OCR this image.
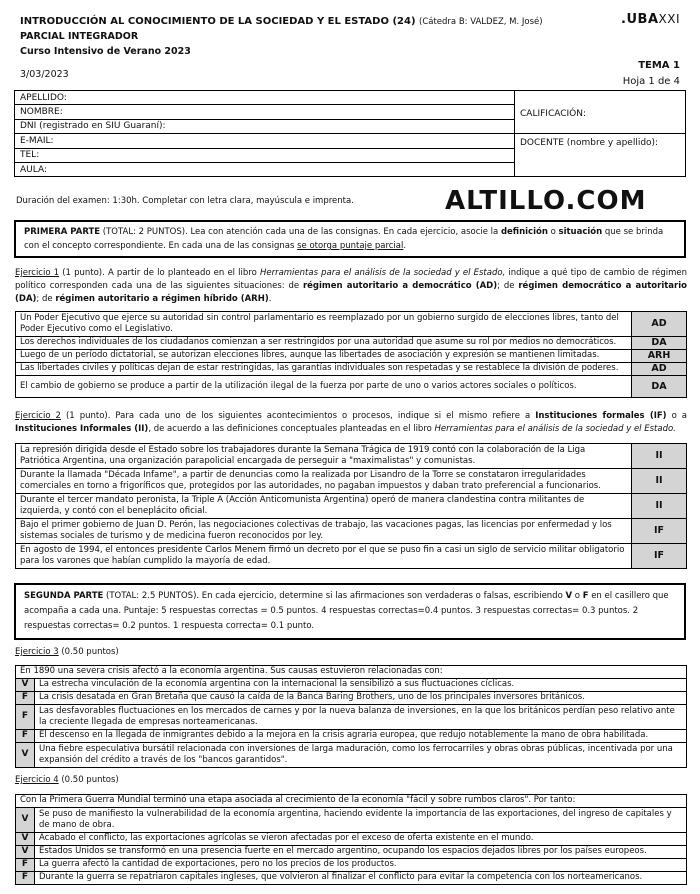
INTRODUCCIÓN AL CONOCIMIENTO DE LA SOCIEDAD Y EL ESTADO (24) (Cátedra B: VALDEZ, M. José)
PARCIAL INTEGRADOR
Curso Intensivo de Verano 2023
3/03/2023
.UBAXXI
TEMA 1
Hoja 1 de 4
APELLIDO:	CALIFICACIÓN:
NOMBRE:	
DNI (registrado en SIU Guaraní):	
E-MAIL:	DOCENTE (nombre y apellido):
TEL:	
AULA:	
Duración del examen: 1:30h. Completar con letra clara, mayúscula e imprenta.	ALTILLO.COM
PRIMERA PARTE (TOTAL: 2 PUNTOS). Lea con atención cada una de las consignas. En cada ejercicio, asocie la definición o situación que se brinda con el concepto correspondiente. En cada una de las consignas se otorga puntaje parcial.
Ejercicio 1 (1 punto). A partir de lo planteado en el libro Herramientas para el análisis de la sociedad y el Estado, indique a qué tipo de cambio de régimen político corresponden cada una de las siguientes situaciones: de régimen autoritario a democrático (AD); de régimen democrático a autoritario (DA); de régimen autoritario a régimen híbrido (ARH).
Un Poder Ejecutivo que ejerce su autoridad sin control parlamentario es reemplazado por un gobierno surgido de elecciones libres, tanto del Poder Ejecutivo como el Legislativo.	AD
Los derechos individuales de los ciudadanos comienzan a ser restringidos por una autoridad que asume su rol por medios no democráticos.	DA
Luego de un período dictatorial, se autorizan elecciones libres, aunque las libertades de asociación y expresión se mantienen limitadas.	ARH
Las libertades civiles y políticas dejan de estar restringidas, las garantías individuales son respetadas y se restablece la división de poderes.	AD
El cambio de gobierno se produce a partir de la utilización ilegal de la fuerza por parte de uno o varios actores sociales o políticos.	DA
Ejercicio 2 (1 punto). Para cada uno de los siguientes acontecimientos o procesos, indique si el mismo refiere a Instituciones formales (IF) o a Instituciones Informales (II), de acuerdo a las definiciones conceptuales planteadas en el libro Herramientas para el análisis de la sociedad y el Estado.
La represión dirigida desde el Estado sobre los trabajadores durante la Semana Trágica de 1919 contó con la colaboración de la Liga Patriótica Argentina, una organización parapolicial encargada de perseguir a "maximalistas" y comunistas.	II
Durante la llamada "Década Infame", a partir de denuncias como la realizada por Lisandro de la Torre se constataron irregularidades comerciales en torno a frigoríficos que, protegidos por las autoridades, no pagaban impuestos y daban trato preferencial a funcionarios.	II
Durante el tercer mandato peronista, la Triple A (Acción Anticomunista Argentina) operó de manera clandestina contra militantes de izquierda, y contó con el beneplácito oficial.	II
Bajo el primer gobierno de Juan D. Perón, las negociaciones colectivas de trabajo, las vacaciones pagas, las licencias por enfermedad y los sistemas sociales de turismo y de medicina fueron reconocidos por ley.	IF
En agosto de 1994, el entonces presidente Carlos Menem firmó un decreto por el que se puso fin a casi un siglo de servicio militar obligatorio para los varones que habían cumplido la mayoría de edad.	IF
SEGUNDA PARTE (TOTAL: 2.5 PUNTOS). En cada ejercicio, determine si las afirmaciones son verdaderas o falsas, escribiendo V o F en el casillero que acompaña a cada una. Puntaje: 5 respuestas correctas = 0.5 puntos. 4 respuestas correctas=0.4 puntos. 3 respuestas correctas= 0.3 puntos. 2 respuestas correctas= 0.2 puntos. 1 respuesta correcta= 0.1 punto.
Ejercicio 3 (0.50 puntos)
En 1890 una severa crisis afectó a la economía argentina. Sus causas estuvieron relacionadas con:	
V	La estrecha vinculación de la economía argentina con la internacional la sensibilizó a sus fluctuaciones cíclicas.
F	La crisis desatada en Gran Bretaña que causó la caída de la Banca Baring Brothers, uno de los principales inversores británicos.
F	Las desfavorables fluctuaciones en los mercados de carnes y por la nueva balanza de inversiones, en la que los británicos perdían peso relativo ante la creciente llegada de empresas norteamericanas.
F	El descenso en la llegada de inmigrantes debido a la mejora en la crisis agraria europea, que redujo notablemente la mano de obra habilitada.
V	Una fiebre especulativa bursátil relacionada con inversiones de larga maduración, como los ferrocarriles y obras obras públicas, incentivada por una expansión del crédito a través de los "bancos garantidos".
Ejercicio 4 (0.50 puntos)
Con la Primera Guerra Mundial terminó una etapa asociada al crecimiento de la economía "fácil y sobre rumbos claros". Por tanto:	
V	Se puso de manifiesto la vulnerabilidad de la economía argentina, haciendo evidente la importancia de las exportaciones, del ingreso de capitales y de mano de obra.
V	Acabado el conflicto, las exportaciones agrícolas se vieron afectadas por el exceso de oferta existente en el mundo.
V	Estados Unidos se transformó en una presencia fuerte en el mercado argentino, ocupando los espacios dejados libres por los países europeos.
F	La guerra afectó la cantidad de exportaciones, pero no los precios de los productos.
F	Durante la guerra se repatriaron capitales ingleses, que volvieron al finalizar el conflicto para evitar la competencia con los norteamericanos.
